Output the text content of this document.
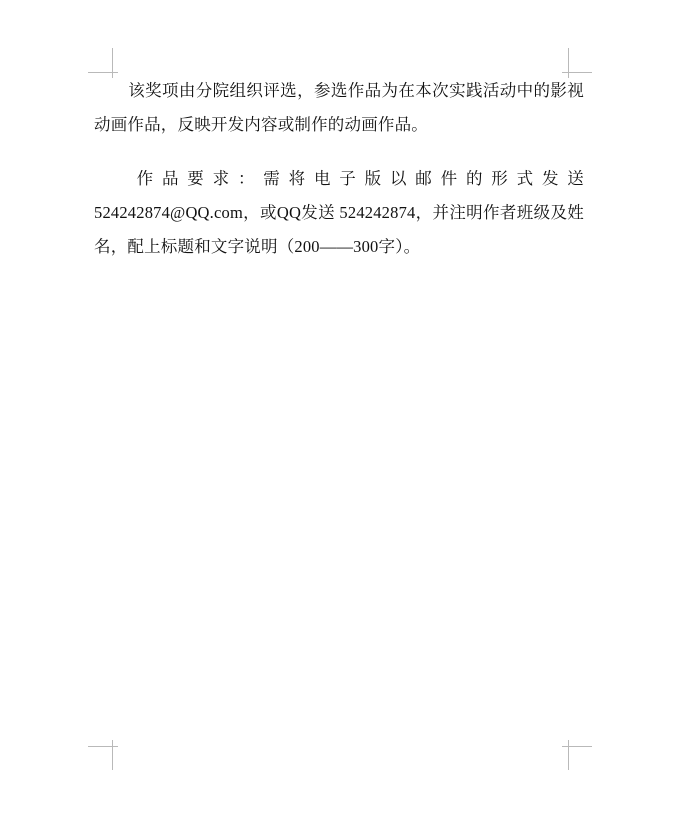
该奖项由分院组织评选，参选作品为在本次实践活动中的影视动画作品，反映开发内容或制作的动画作品。

作品要求：需将电子版以邮件的形式发送524242874@QQ.com，或QQ发送 524242874，并注明作者班级及姓名，配上标题和文字说明（200——300字）。
